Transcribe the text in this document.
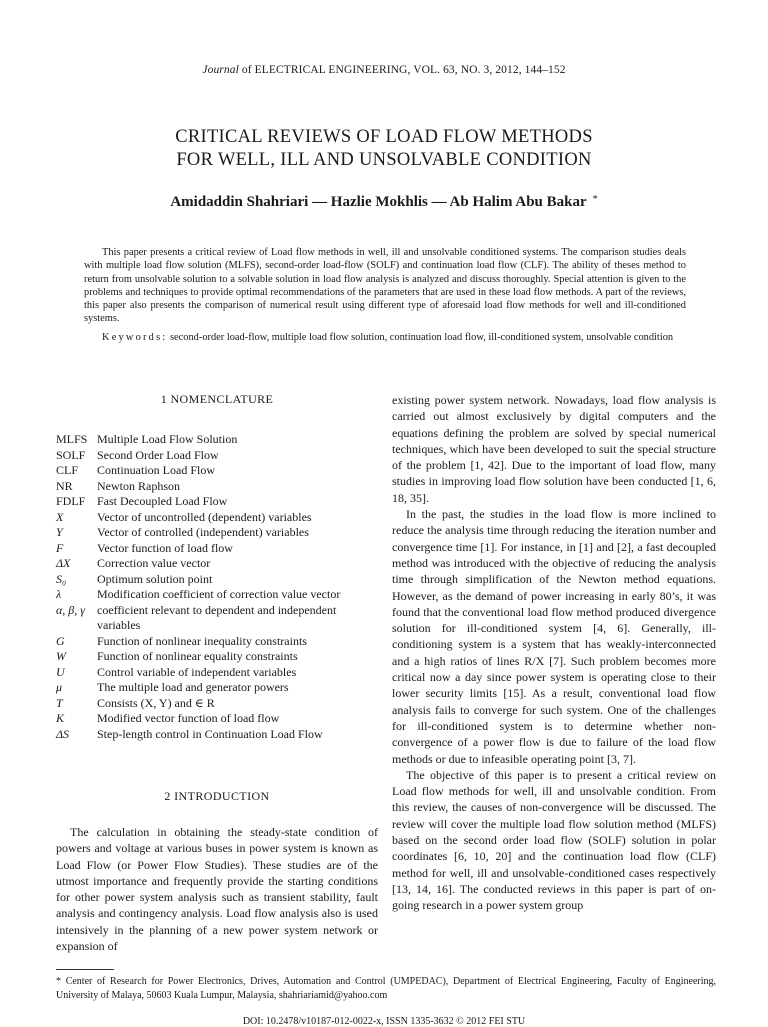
Journal of ELECTRICAL ENGINEERING, VOL. 63, NO. 3, 2012, 144–152
CRITICAL REVIEWS OF LOAD FLOW METHODS
FOR WELL, ILL AND UNSOLVABLE CONDITION
Amidaddin Shahriari — Hazlie Mokhlis — Ab Halim Abu Bakar *
This paper presents a critical review of Load flow methods in well, ill and unsolvable conditioned systems. The comparison studies deals with multiple load flow solution (MLFS), second-order load-flow (SOLF) and continuation load flow (CLF). The ability of theses method to return from unsolvable solution to a solvable solution in load flow analysis is analyzed and discuss thoroughly. Special attention is given to the problems and techniques to provide optimal recommendations of the parameters that are used in these load flow methods. A part of the reviews, this paper also presents the comparison of numerical result using different type of aforesaid load flow methods for well and ill-conditioned systems.
Keywords: second-order load-flow, multiple load flow solution, continuation load flow, ill-conditioned system, unsolvable condition
1 NOMENCLATURE
MLFS Multiple Load Flow Solution
SOLF Second Order Load Flow
CLF	Continuation Load Flow
NR	Newton Raphson
FDLF Fast Decoupled Load Flow
X	Vector of uncontrolled (dependent) variables
Y	Vector of controlled (independent) variables
F	Vector function of load flow
ΔX	Correction value vector
S₀	Optimum solution point
λ	Modification coefficient of correction value vector
α, β, γ coefficient relevant to dependent and independent variables
G	Function of nonlinear inequality constraints
W	Function of nonlinear equality constraints
U	Control variable of independent variables
μ	The multiple load and generator powers
T	Consists (X, Y) and ∈ R
K	Modified vector function of load flow
ΔS	Step-length control in Continuation Load Flow
2 INTRODUCTION
The calculation in obtaining the steady-state condition of powers and voltage at various buses in power system is known as Load Flow (or Power Flow Studies). These studies are of the utmost importance and frequently provide the starting conditions for other power system analysis such as transient stability, fault analysis and contingency analysis. Load flow analysis also is used intensively in the planning of a new power system network or expansion of

existing power system network. Nowadays, load flow analysis is carried out almost exclusively by digital computers and the equations defining the problem are solved by special numerical techniques, which have been developed to suit the special structure of the problem [1, 42]. Due to the important of load flow, many studies in improving load flow solution have been conducted [1, 6, 18, 35].

In the past, the studies in the load flow is more inclined to reduce the analysis time through reducing the iteration number and convergence time [1]. For instance, in [1] and [2], a fast decoupled method was introduced with the objective of reducing the analysis time through simplification of the Newton method equations. However, as the demand of power increasing in early 80’s, it was found that the conventional load flow method produced divergence solution for ill-conditioned system [4, 6]. Generally, ill-conditioning system is a system that has weakly-interconnected and a high ratios of lines R/X [7]. Such problem becomes more critical now a day since power system is operating close to their lower security limits [15]. As a result, conventional load flow analysis fails to converge for such system. One of the challenges for ill-conditioned system is to determine whether non-convergence of a power flow is due to failure of the load flow methods or due to infeasible operating point [3, 7].

The objective of this paper is to present a critical review on Load flow methods for well, ill and unsolvable condition. From this review, the causes of non-convergence will be discussed. The review will cover the multiple load flow solution method (MLFS) based on the second order load flow (SOLF) solution in polar coordinates [6, 10, 20] and the continuation load flow (CLF) method for well, ill and unsolvable-conditioned cases respectively [13, 14, 16]. The conducted reviews in this paper is part of on-going research in a power system group

* Center of Research for Power Electronics, Drives, Automation and Control (UMPEDAC), Department of Electrical Engineering, Faculty of Engineering, University of Malaya, 50603 Kuala Lumpur, Malaysia, shahriariamid@yahoo.com
DOI: 10.2478/v10187-012-0022-x, ISSN 1335-3632 © 2012 FEI STU
